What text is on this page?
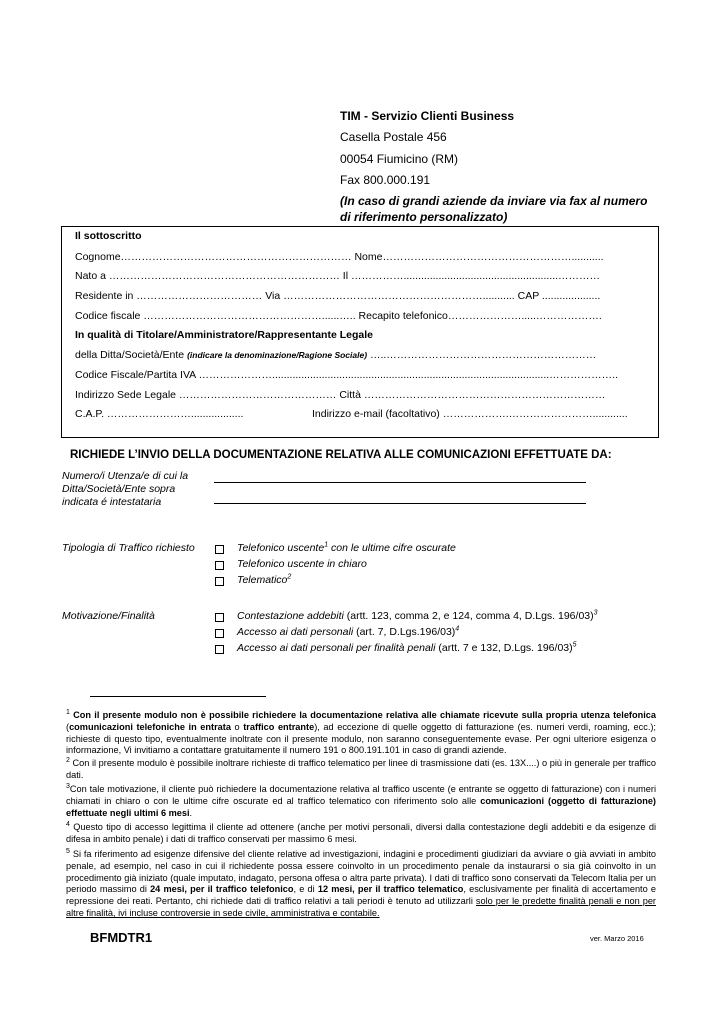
TIM - Servizio Clienti Business
Casella Postale 456
00054 Fiumicino (RM)
Fax 800.000.191
(In caso di grandi aziende da inviare via fax al numero di riferimento personalizzato)
Il sottoscritto
Cognome………………………………………………………… Nome………………………………………………...........
Nato a ………………………………………………………… Il …………….....................................................…………
Residente in ……………………………… Via …………………………………………………........... CAP ....................
Codice fiscale ……………………………………………......….. Recapito telefonico………………….....……………….
In qualità di Titolare/Amministratore/Rappresentante Legale
della Ditta/Società/Ente (indicare la denominazione/Ragione Sociale) …..……………………………………………………
Codice Fiscale/Partita IVA …………………...............................................................................................………………..
Indirizzo Sede Legale ……………………………………… Città ……………………………………………………………
C.A.P. ……………………..................	Indirizzo e-mail (facoltativo) ……………….……………………............
RICHIEDE L’INVIO DELLA DOCUMENTAZIONE RELATIVA ALLE COMUNICAZIONI EFFETTUATE DA:
Numero/i Utenza/e di cui la
Ditta/Società/Ente sopra
indicata é intestataria
Tipologia di Traffico richiesto	Telefonico uscente$^1$ con le ultime cifre oscurate
Telefonico uscente in chiaro
Telematico$^2$
Motivazione/Finalità	Contestazione addebiti (artt. 123, comma 2, e 124, comma 4, D.Lgs. 196/03)$^3$
Accesso ai dati personali (art. 7, D.Lgs.196/03)$^4$
Accesso ai dati personali per finalità penali (artt. 7 e 132, D.Lgs. 196/03)$^5$
$^1$ Con il presente modulo non è possibile richiedere la documentazione relativa alle chiamate ricevute sulla propria utenza telefonica (comunicazioni telefoniche in entrata o traffico entrante), ad eccezione di quelle oggetto di fatturazione (es. numeri verdi, roaming, ecc.); richieste di questo tipo, eventualmente inoltrate con il presente modulo, non saranno conseguentemente evase. Per ogni ulteriore esigenza o informazione, Vi invitiamo a contattare gratuitamente il numero 191 o 800.191.101 in caso di grandi aziende.
$^2$ Con il presente modulo è possibile inoltrare richieste di traffico telematico per linee di trasmissione dati (es. 13X....) o più in generale per traffico dati.
$^3$Con tale motivazione, il cliente può richiedere la documentazione relativa al traffico uscente (e entrante se oggetto di fatturazione) con i numeri chiamati in chiaro o con le ultime cifre oscurate ed al traffico telematico con riferimento solo alle comunicazioni (oggetto di fatturazione) effettuate negli ultimi 6 mesi.
$^4$ Questo tipo di accesso legittima il cliente ad ottenere (anche per motivi personali, diversi dalla contestazione degli addebiti e da esigenze di difesa in ambito penale) i dati di traffico conservati per massimo 6 mesi.
$^5$ Si fa riferimento ad esigenze difensive del cliente relative ad investigazioni, indagini e procedimenti giudiziari da avviare o già avviati in ambito penale, ad esempio, nel caso in cui il richiedente possa essere coinvolto in un procedimento penale da instaurarsi o sia già coinvolto in un procedimento già iniziato (quale imputato, indagato, persona offesa o altra parte privata). I dati di traffico sono conservati da Telecom Italia per un periodo massimo di 24 mesi, per il traffico telefonico, e di 12 mesi, per il traffico telematico, esclusivamente per finalità di accertamento e repressione dei reati. Pertanto, chi richiede dati di traffico relativi a tali periodi è tenuto ad utilizzarli solo per le predette finalità penali e non per altre finalità, ivi incluse controversie in sede civile, amministrativa e contabile.
BFMDTR1	ver. Marzo 2016
